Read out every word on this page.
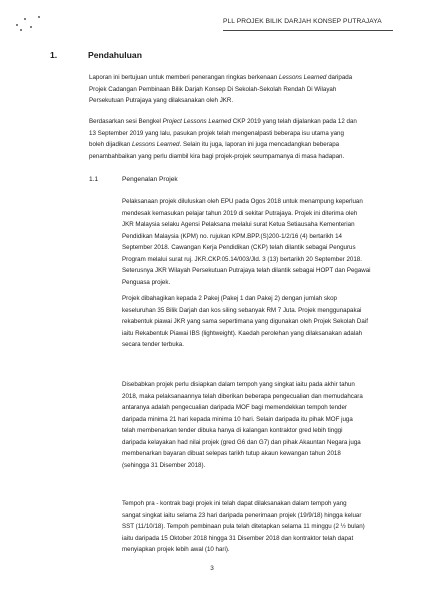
PLL PROJEK BILIK DARJAH KONSEP PUTRAJAYA
1.	Pendahuluan
Laporan ini bertujuan untuk memberi penerangan ringkas berkenaan Lessons Learned daripada
Projek Cadangan Pembinaan Bilik Darjah Konsep Di Sekolah-Sekolah Rendah Di Wilayah
Persekutuan Putrajaya yang dilaksanakan oleh JKR.
Berdasarkan sesi Bengkel Project Lessons Learned CKP 2019 yang telah dijalankan pada 12 dan
13 September 2019 yang lalu, pasukan projek telah mengenalpasti beberapa isu utama yang
boleh dijadikan Lessons Learned. Selain itu juga, laporan ini juga mencadangkan beberapa
penambahbaikan yang perlu diambil kira bagi projek-projek seumpamanya di masa hadapan.
1.1	Pengenalan Projek
Pelaksanaan projek diluluskan oleh EPU pada Ogos 2018 untuk menampung keperluan
mendesak kemasukan pelajar tahun 2019 di sekitar Putrajaya. Projek ini diterima oleh
JKR Malaysia selaku Agensi Pelaksana melalui surat Ketua Setiausaha Kementerian
Pendidikan Malaysia (KPM) no. rujukan KPM.BPP.(S)200-1/2/16 (4) bertarikh 14
September 2018. Cawangan Kerja Pendidikan (CKP) telah dilantik sebagai Pengurus
Program melalui surat ruj. JKR.CKP.05.14/003/Jld. 3 (13) bertarikh 20 September 2018.
Seterusnya JKR Wilayah Persekutuan Putrajaya telah dilantik sebagai HOPT dan Pegawai
Penguasa projek.
Projek dibahagikan kepada 2 Pakej (Pakej 1 dan Pakej 2) dengan jumlah skop
keseluruhan 35 Bilik Darjah dan kos siling sebanyak RM 7 Juta. Projek menggunapakai
rekabentuk piawai JKR yang sama sepertimana yang digunakan oleh Projek Sekolah Daif
iaitu Rekabentuk Piawai IBS (lightweight). Kaedah perolehan yang dilaksanakan adalah
secara tender terbuka.
Disebabkan projek perlu disiapkan dalam tempoh yang singkat iaitu pada akhir tahun
2018, maka pelaksanaannya telah diberikan beberapa pengecualian dan memudahcara
antaranya adalah pengecualian daripada MOF bagi memendekkan tempoh tender
daripada minima 21 hari kepada minima 10 hari. Selain daripada itu pihak MOF juga
telah membenarkan tender dibuka hanya di kalangan kontraktor gred lebih tinggi
daripada kelayakan had nilai projek (gred G6 dan G7) dan pihak Akauntan Negara juga
membenarkan bayaran dibuat selepas tarikh tutup akaun kewangan tahun 2018
(sehingga 31 Disember 2018).
Tempoh pra - kontrak bagi projek ini telah dapat dilaksanakan dalam tempoh yang
sangat singkat iaitu selama 23 hari daripada penerimaan projek (19/9/18) hingga keluar
SST (11/10/18). Tempoh pembinaan pula telah ditetapkan selama 11 minggu (2 ½ bulan)
iaitu daripada 15 Oktober 2018 hingga 31 Disember 2018 dan kontraktor telah dapat
menyiapkan projek lebih awal (10 hari).
3
